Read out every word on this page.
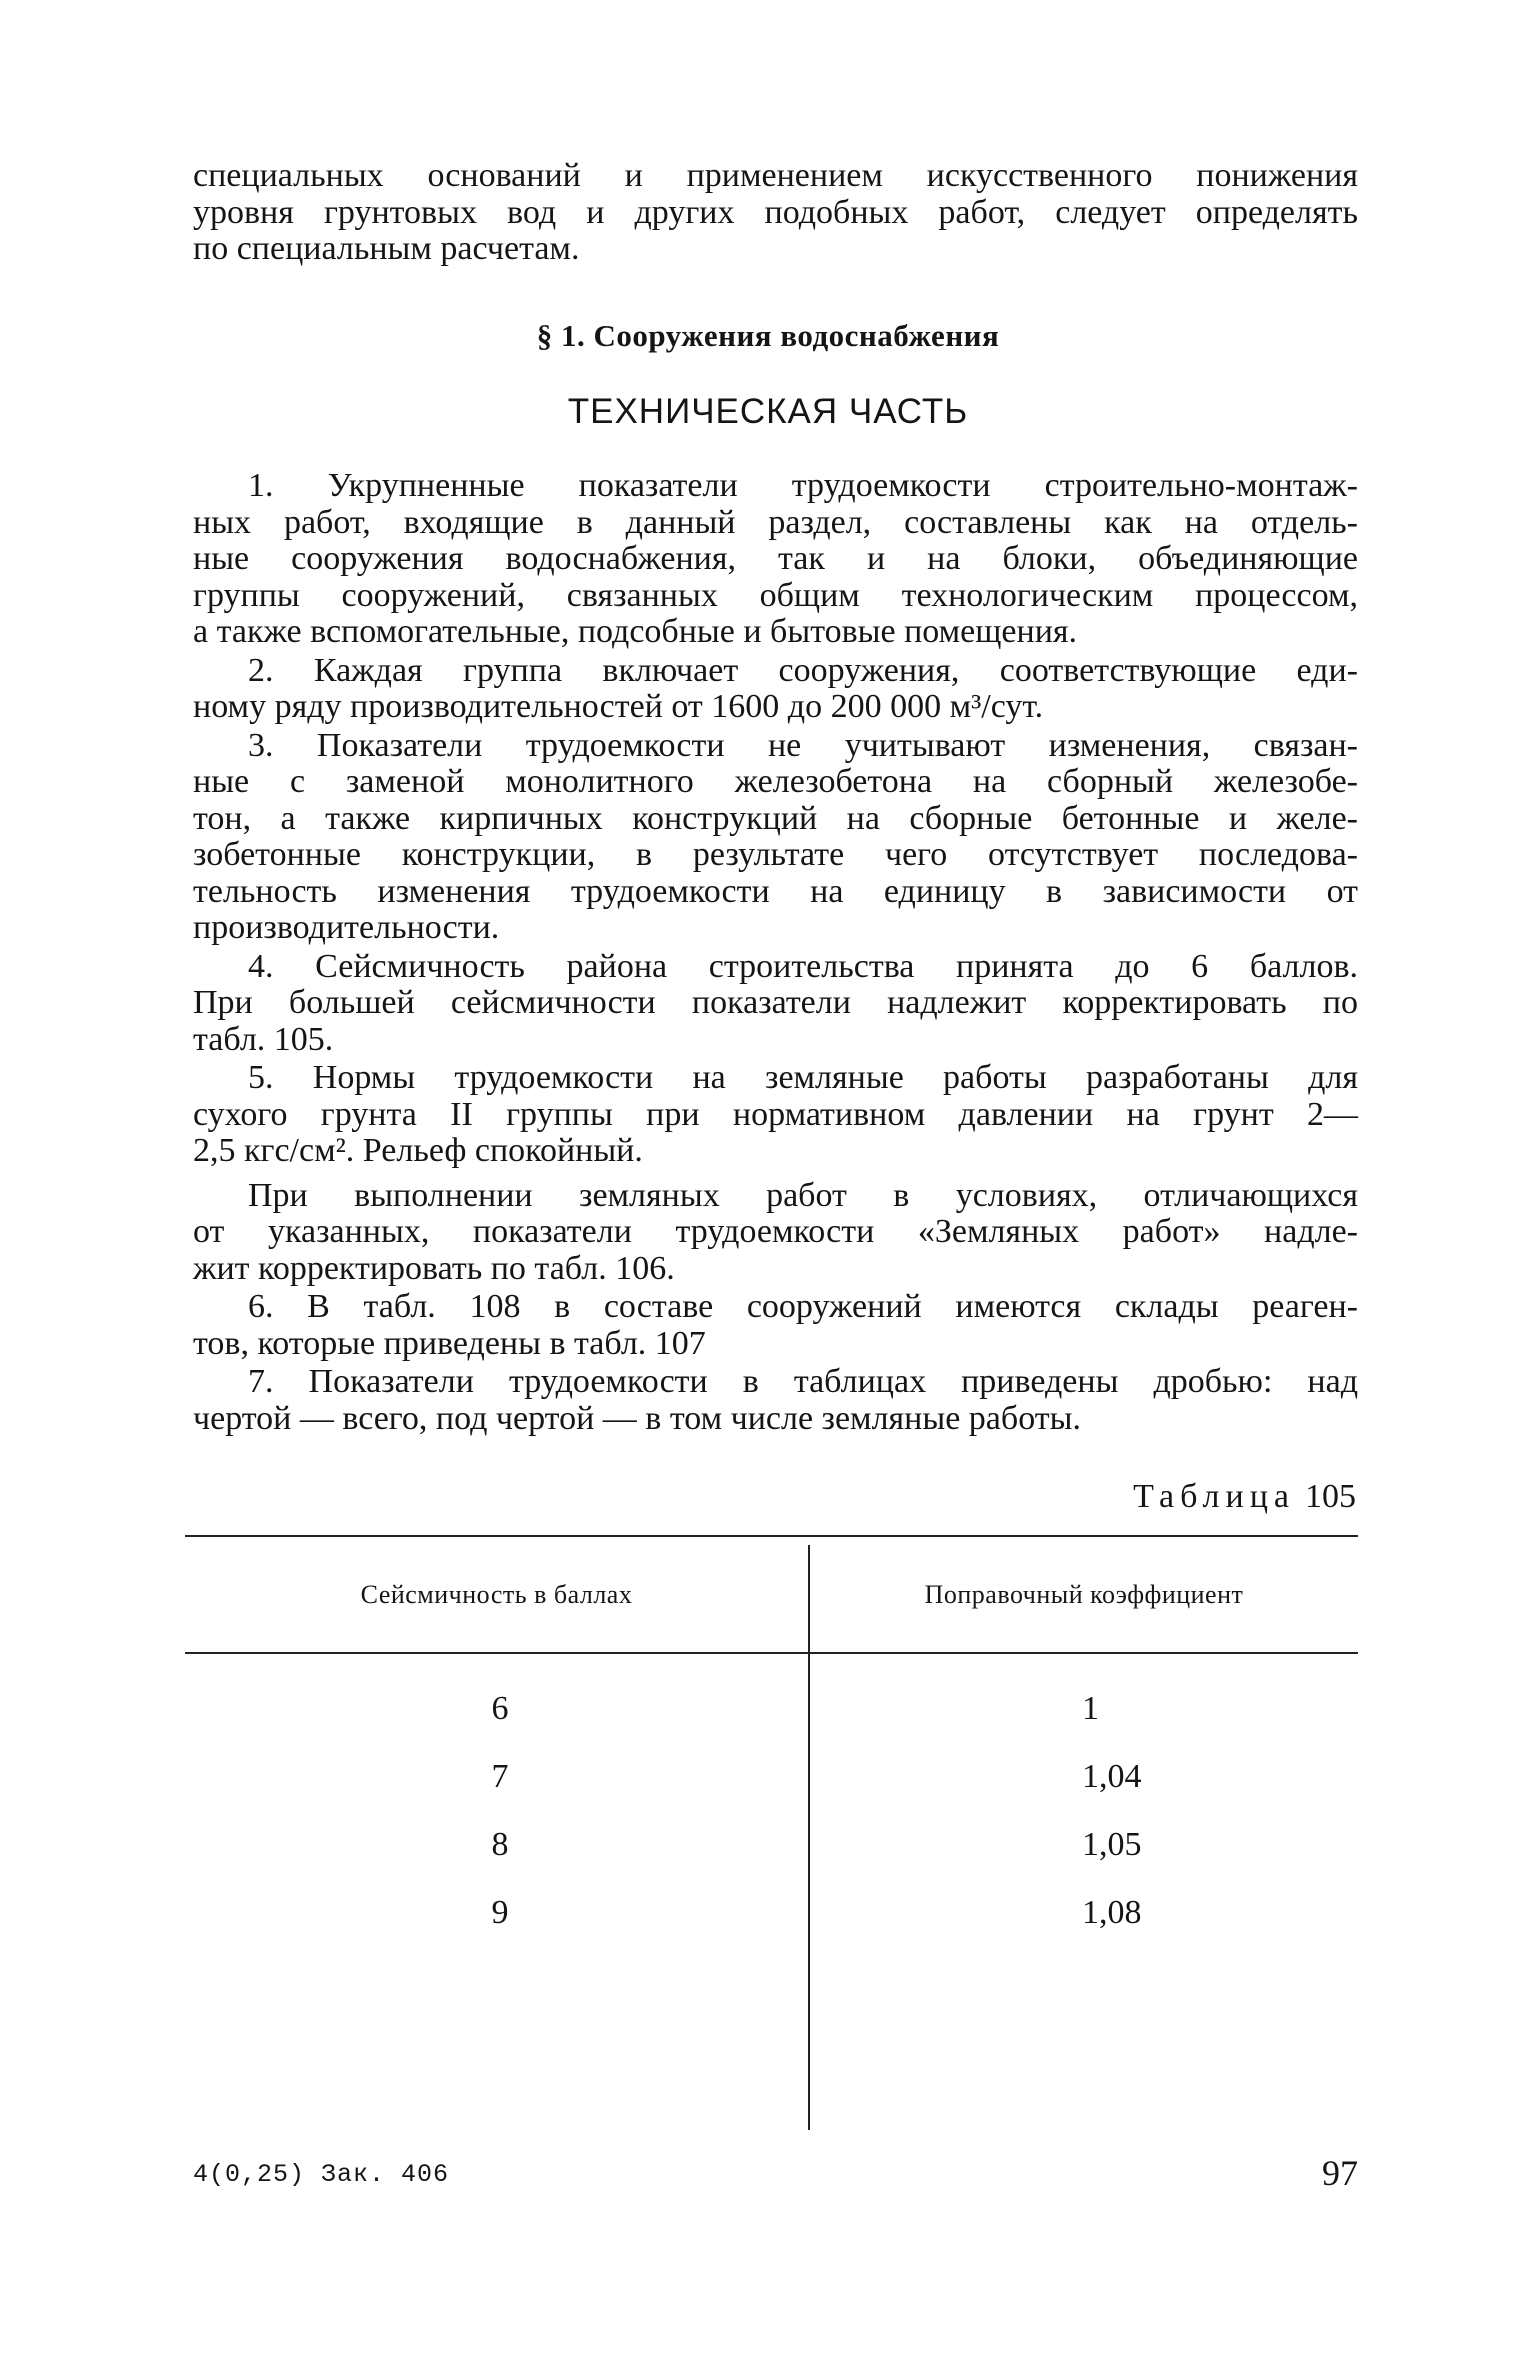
специальных оснований и применением искусственного понижения
уровня грунтовых вод и других подобных работ, следует определять
по специальным расчетам.
§ 1. Сооружения водоснабжения
ТЕХНИЧЕСКАЯ ЧАСТЬ
1. Укрупненные показатели трудоемкости строительно-монтаж-
ных работ, входящие в данный раздел, составлены как на отдель-
ные сооружения водоснабжения, так и на блоки, объединяющие
группы сооружений, связанных общим технологическим процессом,
а также вспомогательные, подсобные и бытовые помещения.
2. Каждая группа включает сооружения, соответствующие еди-
ному ряду производительностей от 1600 до 200 000 м³/сут.
3. Показатели трудоемкости не учитывают изменения, связан-
ные с заменой монолитного железобетона на сборный железобе-
тон, а также кирпичных конструкций на сборные бетонные и желе-
зобетонные конструкции, в результате чего отсутствует последова-
тельность изменения трудоемкости на единицу в зависимости от
производительности.
4. Сейсмичность района строительства принята до 6 баллов.
При большей сейсмичности показатели надлежит корректировать по
табл. 105.
5. Нормы трудоемкости на земляные работы разработаны для
сухого грунта II группы при нормативном давлении на грунт 2—
2,5 кгс/см². Рельеф спокойный.
При выполнении земляных работ в условиях, отличающихся
от указанных, показатели трудоемкости «Земляных работ» надле-
жит корректировать по табл. 106.
6. В табл. 108 в составе сооружений имеются склады реаген-
тов, которые приведены в табл. 107
7. Показатели трудоемкости в таблицах приведены дробью: над
чертой — всего, под чертой — в том числе земляные работы.
Таблица 105
Сейсмичность в баллах	Поправочный коэффициент
6	1
7	1,04
8	1,05
9	1,08
4(0,25) Зак. 406	97
